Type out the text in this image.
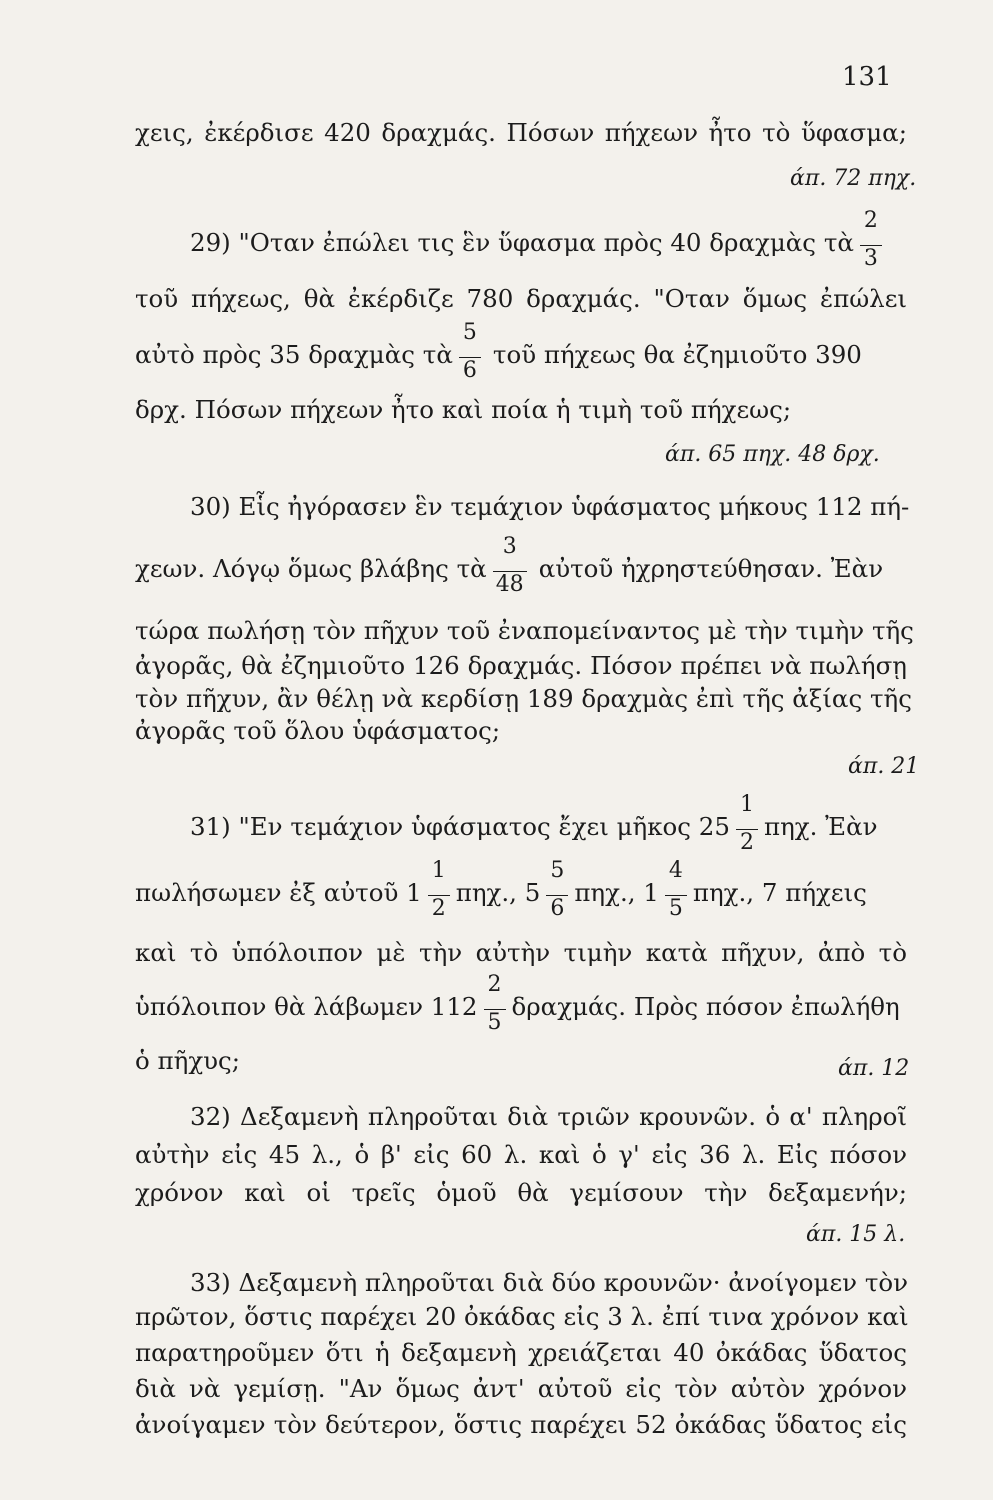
131
χεις, ἐκέρδισε 420 δραχμάς. Πόσων πήχεων ἦτο τὸ ὕφασμα;
άπ. 72 πηχ.
29) "Οταν ἐπώλει τις ἓν ὕφασμα πρὸς 40 δραχμὰς τὰ $\frac{2}{3}$
τοῦ πήχεως, θὰ ἐκέρδιζε 780 δραχμάς. "Οταν ὅμως ἐπώλει
αὐτὸ πρὸς 35 δραχμὰς τὰ $\frac{5}{6}$ τοῦ πήχεως θα ἐζημιοῦτο 390
δρχ. Πόσων πήχεων ἦτο καὶ ποία ἡ τιμὴ τοῦ πήχεως;
άπ. 65 πηχ. 48 δρχ.
30) Εἷς ἠγόρασεν ἓν τεμάχιον ὑφάσματος μήκους 112 πή-
χεων. Λόγῳ ὅμως βλάβης τὰ $\frac{3}{48}$ αὐτοῦ ἠχρηστεύθησαν. Ἐὰν
τώρα πωλήσῃ τὸν πῆχυν τοῦ ἐναπομείναντος μὲ τὴν τιμὴν τῆς
ἀγορᾶς, θὰ ἐζημιοῦτο 126 δραχμάς. Πόσον πρέπει νὰ πωλήσῃ
τὸν πῆχυν, ἂν θέλῃ νὰ κερδίσῃ 189 δραχμὰς ἐπὶ τῆς ἀξίας τῆς
ἀγορᾶς τοῦ ὅλου ὑφάσματος;
άπ. 21
31) "Εν τεμάχιον ὑφάσματος ἔχει μῆκος $25 \frac{1}{2} \pi\eta\chi$. Ἐὰν
πωλήσωμεν ἐξ αὐτοῦ $1 \frac{1}{2} \pi\eta\chi$., $5 \frac{5}{6} \pi\eta\chi$., $1 \frac{4}{5} \pi\eta\chi$., 7 πήχεις
καὶ τὸ ὑπόλοιπον μὲ τὴν αὐτὴν τιμὴν κατὰ πῆχυν, ἀπὸ τὸ
ὑπόλοιπον θὰ λάβωμεν $112 \frac{2}{5} \delta\rho\alpha\chi\mu ά\varsigma$. Πρὸς πόσον ἐπωλήθη
ὁ πῆχυς;	άπ. 12
32) Δεξαμενὴ πληροῦται διὰ τριῶν κρουνῶν. ὁ α' πληροῖ
αὐτὴν εἰς 45 λ., ὁ β' εἰς 60 λ. καὶ ὁ γ' εἰς 36 λ. Εἰς πόσον
χρόνον καὶ οἱ τρεῖς ὁμοῦ θὰ γεμίσουν τὴν δεξαμενήν;
άπ. 15 λ.
33) Δεξαμενὴ πληροῦται διὰ δύο κρουνῶν· ἀνοίγομεν τὸν
πρῶτον, ὅστις παρέχει 20 ὀκάδας εἰς 3 λ. ἐπί τινα χρόνον καὶ
παρατηροῦμεν ὅτι ἡ δεξαμενὴ χρειάζεται 40 ὀκάδας ὕδατος
διὰ νὰ γεμίσῃ. "Αν ὅμως ἀντ' αὐτοῦ εἰς τὸν αὐτὸν χρόνον
ἀνοίγαμεν τὸν δεύτερον, ὅστις παρέχει 52 ὀκάδας ὕδατος εἰς
